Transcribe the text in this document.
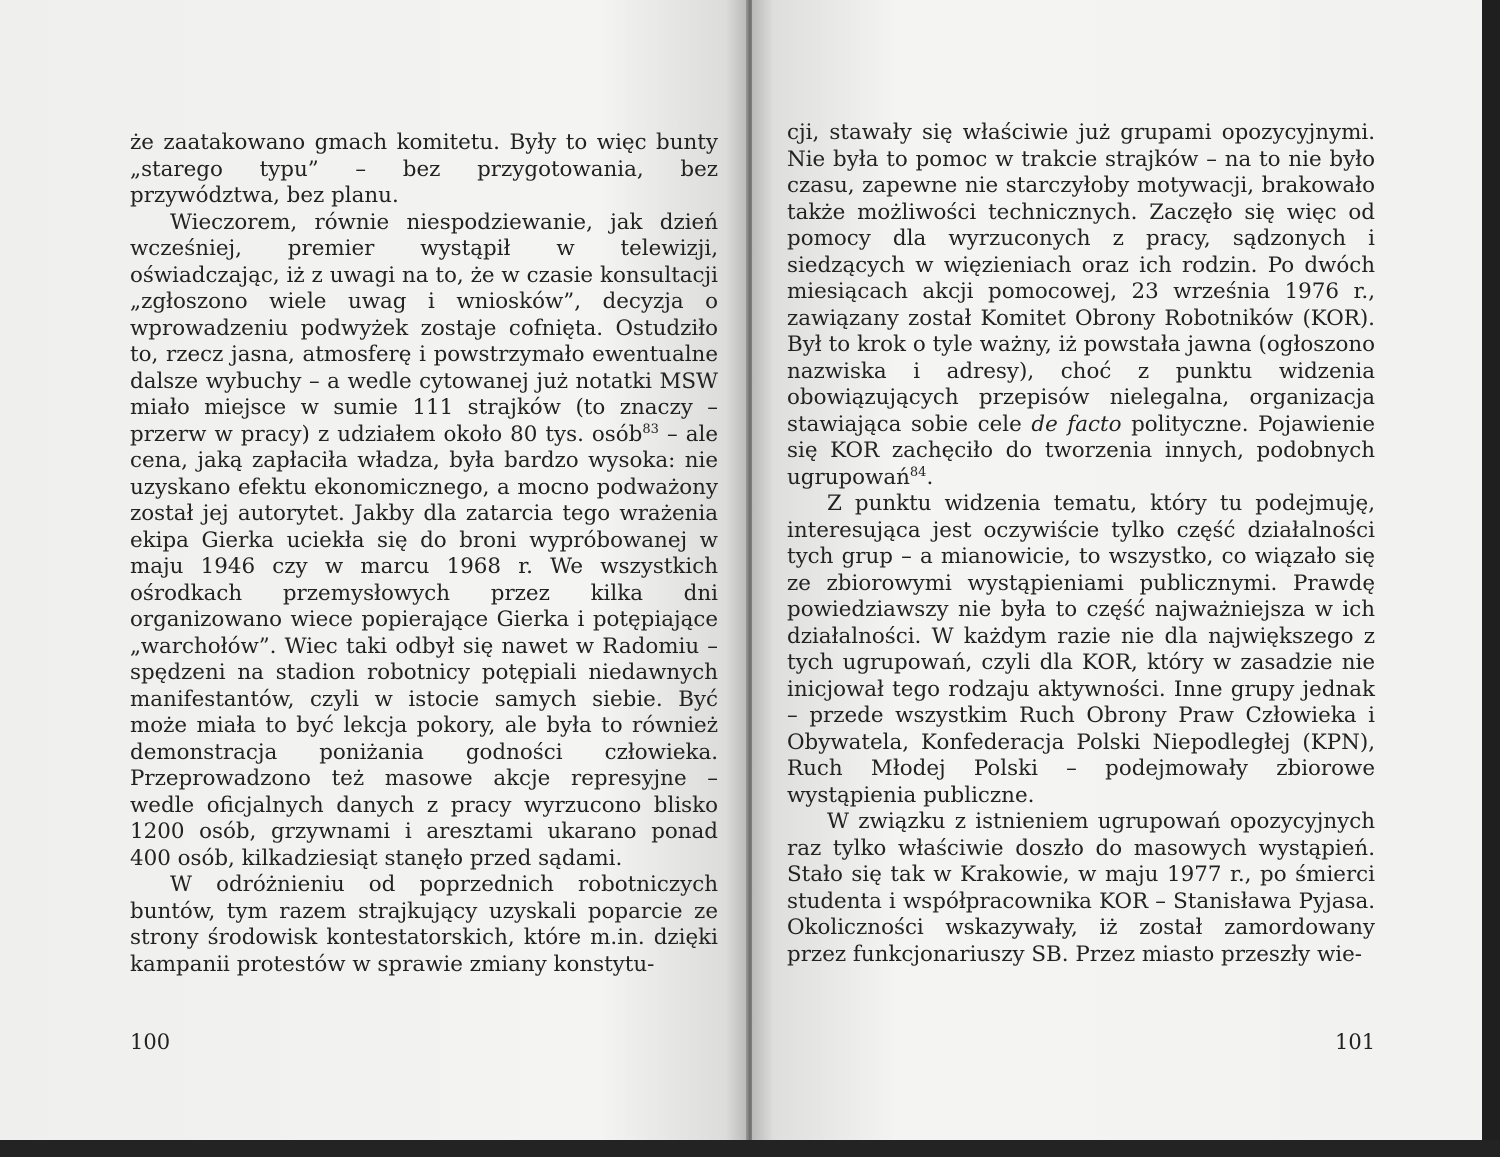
że zaatakowano gmach komitetu. Były to więc bunty „starego typu” – bez przygotowania, bez przywództwa, bez planu.

Wieczorem, równie niespodziewanie, jak dzień wcześniej, premier wystąpił w telewizji, oświadczając, iż z uwagi na to, że w czasie konsultacji „zgłoszono wiele uwag i wniosków”, decyzja o wprowadzeniu podwyżek zostaje cofnięta. Ostudziło to, rzecz jasna, atmosferę i powstrzymało ewentualne dalsze wybuchy – a wedle cytowanej już notatki MSW miało miejsce w sumie 111 strajków (to znaczy – przerw w pracy) z udziałem około 80 tys. osób$^{83}$ – ale cena, jaką zapłaciła władza, była bardzo wysoka: nie uzyskano efektu ekonomicznego, a mocno podważony został jej autorytet. Jakby dla zatarcia tego wrażenia ekipa Gierka uciekła się do broni wypróbowanej w maju 1946 czy w marcu 1968 r. We wszystkich ośrodkach przemysłowych przez kilka dni organizowano wiece popierające Gierka i potępiające „warchołów”. Wiec taki odbył się nawet w Radomiu – spędzeni na stadion robotnicy potępiali niedawnych manifestantów, czyli w istocie samych siebie. Być może miała to być lekcja pokory, ale była to również demonstracja poniżania godności człowieka. Przeprowadzono też masowe akcje represyjne – wedle oficjalnych danych z pracy wyrzucono blisko 1200 osób, grzywnami i aresztami ukarano ponad 400 osób, kilkadziesiąt stanęło przed sądami.

W odróżnieniu od poprzednich robotniczych buntów, tym razem strajkujący uzyskali poparcie ze strony środowisk kontestatorskich, które m.in. dzięki kampanii protestów w sprawie zmiany konstytu-

100

cji, stawały się właściwie już grupami opozycyjnymi. Nie była to pomoc w trakcie strajków – na to nie było czasu, zapewne nie starczyłoby motywacji, brakowało także możliwości technicznych. Zaczęło się więc od pomocy dla wyrzuconych z pracy, sądzonych i siedzących w więzieniach oraz ich rodzin. Po dwóch miesiącach akcji pomocowej, 23 września 1976 r., zawiązany został Komitet Obrony Robotników (KOR). Był to krok o tyle ważny, iż powstała jawna (ogłoszono nazwiska i adresy), choć z punktu widzenia obowiązujących przepisów nielegalna, organizacja stawiająca sobie cele de facto polityczne. Pojawienie się KOR zachęciło do tworzenia innych, podobnych ugrupowań$^{84}$.

Z punktu widzenia tematu, który tu podejmuję, interesująca jest oczywiście tylko część działalności tych grup – a mianowicie, to wszystko, co wiązało się ze zbiorowymi wystąpieniami publicznymi. Prawdę powiedziawszy nie była to część najważniejsza w ich działalności. W każdym razie nie dla największego z tych ugrupowań, czyli dla KOR, który w zasadzie nie inicjował tego rodzaju aktywności. Inne grupy jednak – przede wszystkim Ruch Obrony Praw Człowieka i Obywatela, Konfederacja Polski Niepodległej (KPN), Ruch Młodej Polski – podejmowały zbiorowe wystąpienia publiczne.

W związku z istnieniem ugrupowań opozycyjnych raz tylko właściwie doszło do masowych wystąpień. Stało się tak w Krakowie, w maju 1977 r., po śmierci studenta i współpracownika KOR – Stanisława Pyjasa. Okoliczności wskazywały, iż został zamordowany przez funkcjonariuszy SB. Przez miasto przeszły wie-

101
